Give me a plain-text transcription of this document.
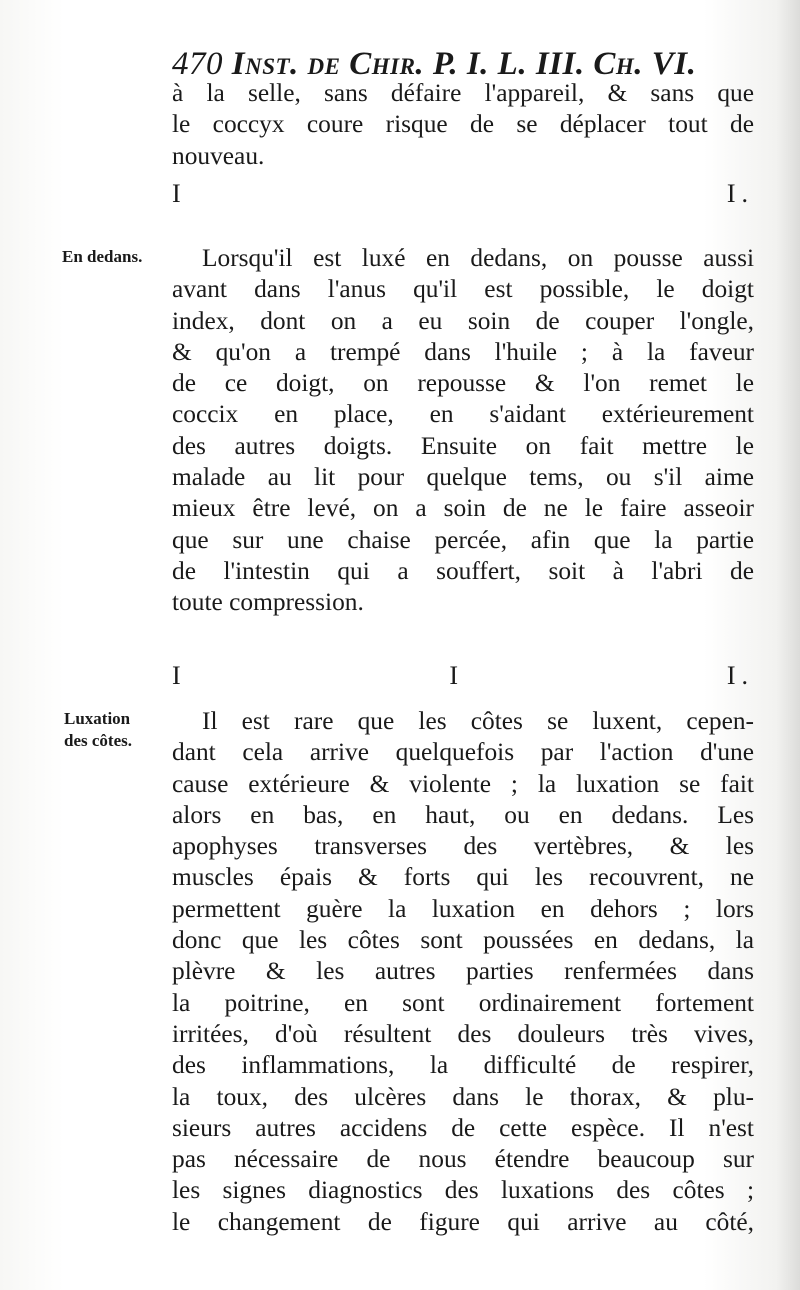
470 Inst. de Chir. P. I. L. III. Ch. VI.
à la selle, sans défaire l'appareil, & sans que
le coccyx coure risque de se déplacer tout de
nouveau.
I I.
En dedans.	Lorsqu'il est luxé en dedans, on pousse aussi
avant dans l'anus qu'il est possible, le doigt
index, dont on a eu soin de couper l'ongle,
& qu'on a trempé dans l'huile ; à la faveur
de ce doigt, on repousse & l'on remet le
coccix en place, en s'aidant extérieurement
des autres doigts. Ensuite on fait mettre le
malade au lit pour quelque tems, ou s'il aime
mieux être levé, on a soin de ne le faire asseoir
que sur une chaise percée, afin que la partie
de l'intestin qui a souffert, soit à l'abri de
toute compression.
I I I.
Luxation
des côtes.
Il est rare que les côtes se luxent, cepen-
dant cela arrive quelquefois par l'action d'une
cause extérieure & violente ; la luxation se fait
alors en bas, en haut, ou en dedans. Les
apophyses transverses des vertèbres, & les
muscles épais & forts qui les recouvrent, ne
permettent guère la luxation en dehors ; lors
donc que les côtes sont poussées en dedans, la
plèvre & les autres parties renfermées dans
la poitrine, en sont ordinairement fortement
irritées, d'où résultent des douleurs très vives,
des inflammations, la difficulté de respirer,
la toux, des ulcères dans le thorax, & plu-
sieurs autres accidens de cette espèce. Il n'est
pas nécessaire de nous étendre beaucoup sur
les signes diagnostics des luxations des côtes ;
le changement de figure qui arrive au côté,
